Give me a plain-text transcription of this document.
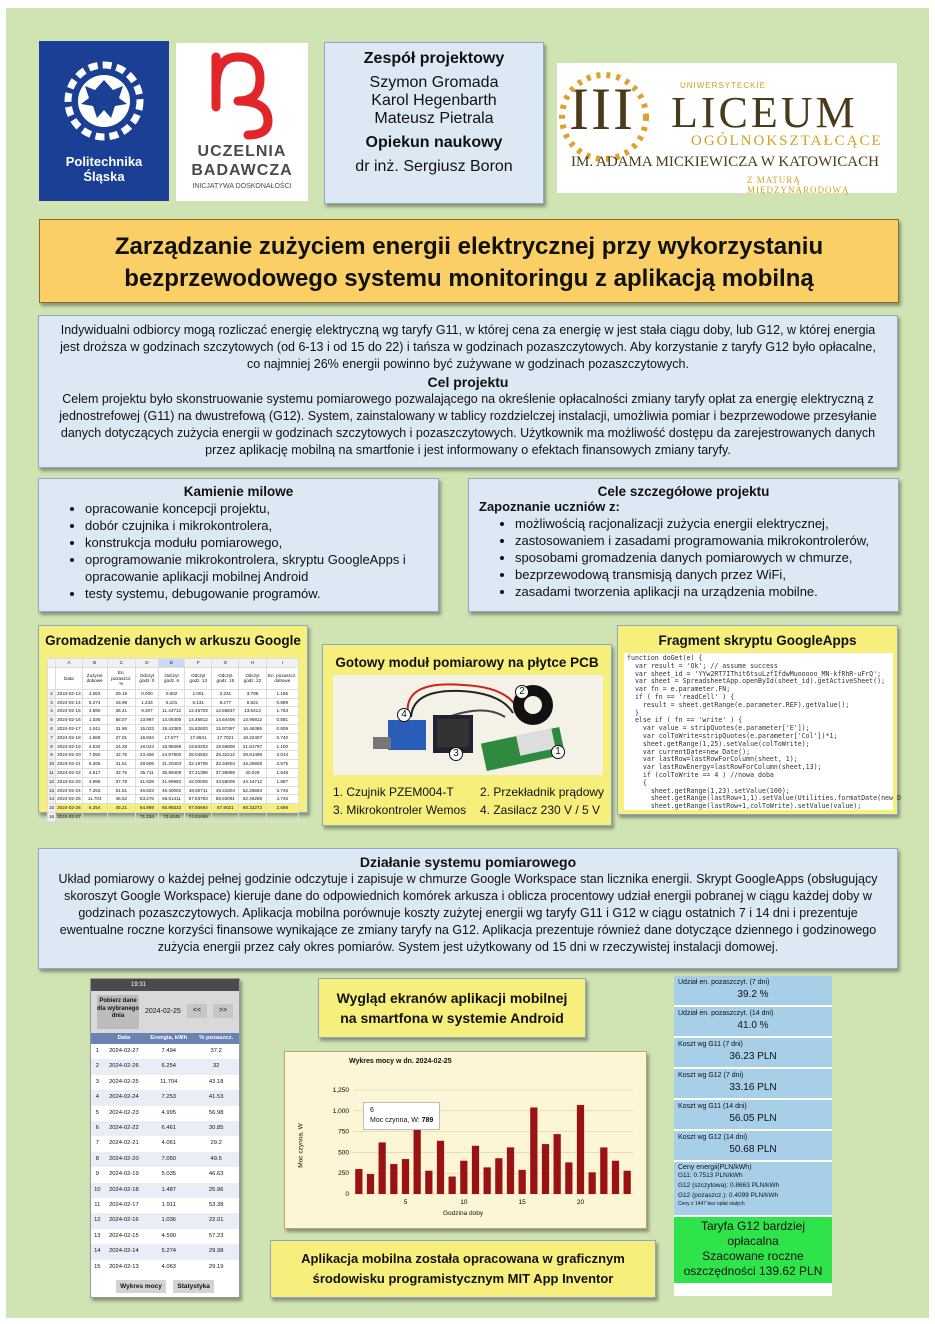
Politechnika
Śląska
UCZELNIA
BADAWCZA
INICJATYWA DOSKONAŁOŚCI
Zespół projektowy
Szymon Gromada
Karol Hegenbarth
Mateusz Pietrala
Opiekun naukowy
dr inż. Sergiusz Boron
III	UNIWERSYTECKIE
LICEUM
OGÓLNOKSZTAŁCĄCE
IM. ADAMA MICKIEWICZA W KATOWICACH
Z MATURĄ MIĘDZYNARODOWĄ
Zarządzanie zużyciem energii elektrycznej przy wykorzystaniu
bezprzewodowego systemu monitoringu z aplikacją mobilną

Indywidualni odbiorcy mogą rozliczać energię elektryczną wg taryfy G11, w której cena za energię w jest stała ciągu doby, lub G12, w której energia jest droższa w godzinach szczytowych (od 6-13 i od 15 do 22) i tańsza w godzinach pozaszczytowych. Aby korzystanie z taryfy G12 było opłacalne, co najmniej 26% energii powinno być zużywane w godzinach pozaszczytowych.

Cel projektu

Celem projektu było skonstruowanie systemu pomiarowego pozwalającego na określenie opłacalności zmiany taryfy opłat za energię elektryczną z jednostrefowej (G11) na dwustrefową (G12). System, zainstalowany w tablicy rozdzielczej instalacji, umożliwia pomiar i bezprzewodowe przesyłanie danych dotyczących zużycia energii w godzinach szczytowych i pozaszczytowych. Użytkownik ma możliwość dostępu da zarejestrowanych danych przez aplikację mobilną na smartfonie i jest informowany o efektach finansowych zmiany taryfy.

Kamienie milowe
• opracowanie koncepcji projektu,
• dobór czujnika i mikrokontrolera,
• konstrukcja modułu pomiarowego,
• oprogramowanie mikrokontrolera, skryptu GoogleApps i opracowanie aplikacji mobilnej Android
• testy systemu, debugowanie programów.
Cele szczegółowe projektu
Zapoznanie uczniów z:
• możliwością racjonalizacji zużycia energii elektrycznej,
• zastosowaniem i zasadami programowania mikrokontrolerów,
• sposobami gromadzenia danych pomiarowych w chmurze,
• bezprzewodową transmisją danych przez WiFi,
• zasadami tworzenia aplikacji na urządzenia mobilne.
Gromadzenie danych w arkuszu Google
	A	B	C	D	E	F	G	H	I
	Data	Zużycie dobowe	En. pozaszcz. %	Odczyt godz. 0	Odczyt godz. 6	Odczyt godz. 13	Odczyt godz. 15	Odczyt godz. 22	En. pozaszcz. dobowe
2	2024-02-13	4.063	29.19	0.000	0.602	2.001	2.231	3.708	1.186
3	2024-02-14	5.274	16.98	1.433	6.101	6.131	8.277	9.821	0.889
4	2024-02-15	4.590	36.41	9.307	11.44712	12.46703	12.55637	13.6413	1.763
5	2024-02-16	1.036	56.07	13.987	14.06406	14.46812	14.64406	14.96812	0.581
6	2024-02-17	1.911	31.86	15.023	15.42383	15.82603	15.97397	16.46386	0.609
7	2024-02-18	1.568	27.01	16.934	17.077	17.6841	17.7021	18.32407	0.740
8	2024-02-19	4.532	24.28	18.024	18.98398	19.84203	19.69808	21.81797	1.100
9	2024-02-20	7.050	42.75	23.456	24.87800	28.04602	28.32212	28.81498	3.014
10	2024-02-21	6.265	41.51	28.506	31.20403	32.19708	32.34604	34.25608	2.575
11	2024-02-22	4.517	42.76	35.711	35.98408	37.21398	37.36999	40.029	1.648
12	2024-02-23	4.995	37.78	41.828	41.99992	42.00005	43.58009	44.44712	1.887
13	2024-02-24	7.253	51.51	46.823	46.40002	48.60711	49.31604	52.25693	3.745
14	2024-02-25	11.704	46.52	53.276	56.61411	57.53783	58.83091	62.46289	4.745
15	2024-02-26	6.254	45.21	64.989	65.99332	67.56694	67.9021	68.32272	2.698
16	2024-02-27			71.234	73.4245	74.91469			
Gotowy moduł pomiarowy na płytce PCB
1
2
3
4
1. Czujnik PZEM004-T 2. Przekładnik prądowy
3. Mikrokontroler Wemos 4. Zasilacz 230 V / 5 V
Fragment skryptu GoogleApps
function doGet(e) {
var result = 'Ok'; // assume success
var sheet_id = 'YYw2RT7IThit6tsuLzfIfdwMuooooo_MN-kfRhR-uFrQ';
var sheet = SpreadsheetApp.openById(sheet_id).getActiveSheet();
var fn = e.parameter.FN;
if ( fn == 'readCell' ) {
result = sheet.getRange(e.parameter.REF).getValue();
}
else if ( fn == 'write' ) {
var value = stripQuotes(e.parameter['E']);
var colToWrite=stripQuotes(e.parameter['Col'])*1;
sheet.getRange(1,25).setValue(colToWrite);
var currentDate=new Date();
var lastRow=lastRowForColumn(sheet, 1);
var lastRowEnergy=lastRowForColumn(sheet,13);
if (colToWrite == 4 ) //nowa doba
{
sheet.getRange(1,23).setValue(100);
sheet.getRange(lastRow+1,1).setValue(Utilities.formatDate(new D
sheet.getRange(lastRow+1,colToWrite).setValue(value);
Działanie systemu pomiarowego

Układ pomiarowy o każdej pełnej godzinie odczytuje i zapisuje w chmurze Google Workspace stan licznika energii. Skrypt GoogleApps (obsługujący skoroszyt Google Workspace) kieruje dane do odpowiednich komórek arkusza i oblicza procentowy udział energii pobranej w ciągu każdej doby w godzinach pozaszczytowych. Aplikacja mobilna porównuje koszty zużytej energii wg taryfy G11 i G12 w ciągu ostatnich 7 i 14 dni i prezentuje ewentualne roczne korzyści finansowe wynikające ze zmiany taryfy na G12. Aplikacja prezentuje również dane dotyczące dziennego i godzinowego zużycia energii przez cały okres pomiarów. System jest użytkowany od 15 dni w rzeczywistej instalacji domowej.

19:31
Pobierz dane dla wybranego dnia
2024-02-25	<<	>>
	Data	Energia, kWh	% pozaszcz.
1	2024-02-27	7.494	37.2
2	2024-02-26	6.254	32
3	2024-02-25	11.704	43.18
4	2024-02-24	7.253	41.53
5	2024-02-23	4.995	56.98
6	2024-02-22	6.461	30.85
7	2024-02-21	4.061	29.2
8	2024-02-20	7.050	49.5
9	2024-02-19	5.035	46.63
10	2024-02-18	1.487	25.96
11	2024-02-17	1.911	53.38
12	2024-02-16	1.036	22.01
13	2024-02-15	4.590	57.23
14	2024-02-14	5.274	29.98
15	2024-02-13	4.063	29.19
Wykres mocy Statystyka
Wygląd ekranów aplikacji mobilnej
na smartfona w systemie Android
Wykres mocy w dn. 2024-02-25
0
250
500
750
1,000
1,250
5	10	15	20
Godzina doby
Moc czynna, W
6
Moc czynna, W: 789
Aplikacja mobilna została opracowana w graficznym
środowisku programistycznym MIT App Inventor
Udział en. pozaszczyt. (7 dni)
39.2 %
Udział en. pozaszczyt. (14 dni)
41.0 %
Koszt wg G11 (7 dni)
36.23 PLN
Koszt wg G12 (7 dni)
33.16 PLN
Koszt wg G11 (14 dni)
56.05 PLN
Koszt wg G12 (14 dni)
50.68 PLN
Ceny energii(PLN/kWh)
G11: 0.7513 PLN/kWh
G12 (szczytowa): 0.8663 PLN/kWh
G12 (pozaszcz.): 0.4099 PLN/kWh
Ceny z 1447 bez opłat stałych
Taryfa G12 bardziej
opłacalna
Szacowane roczne
oszczędności 139.62 PLN
